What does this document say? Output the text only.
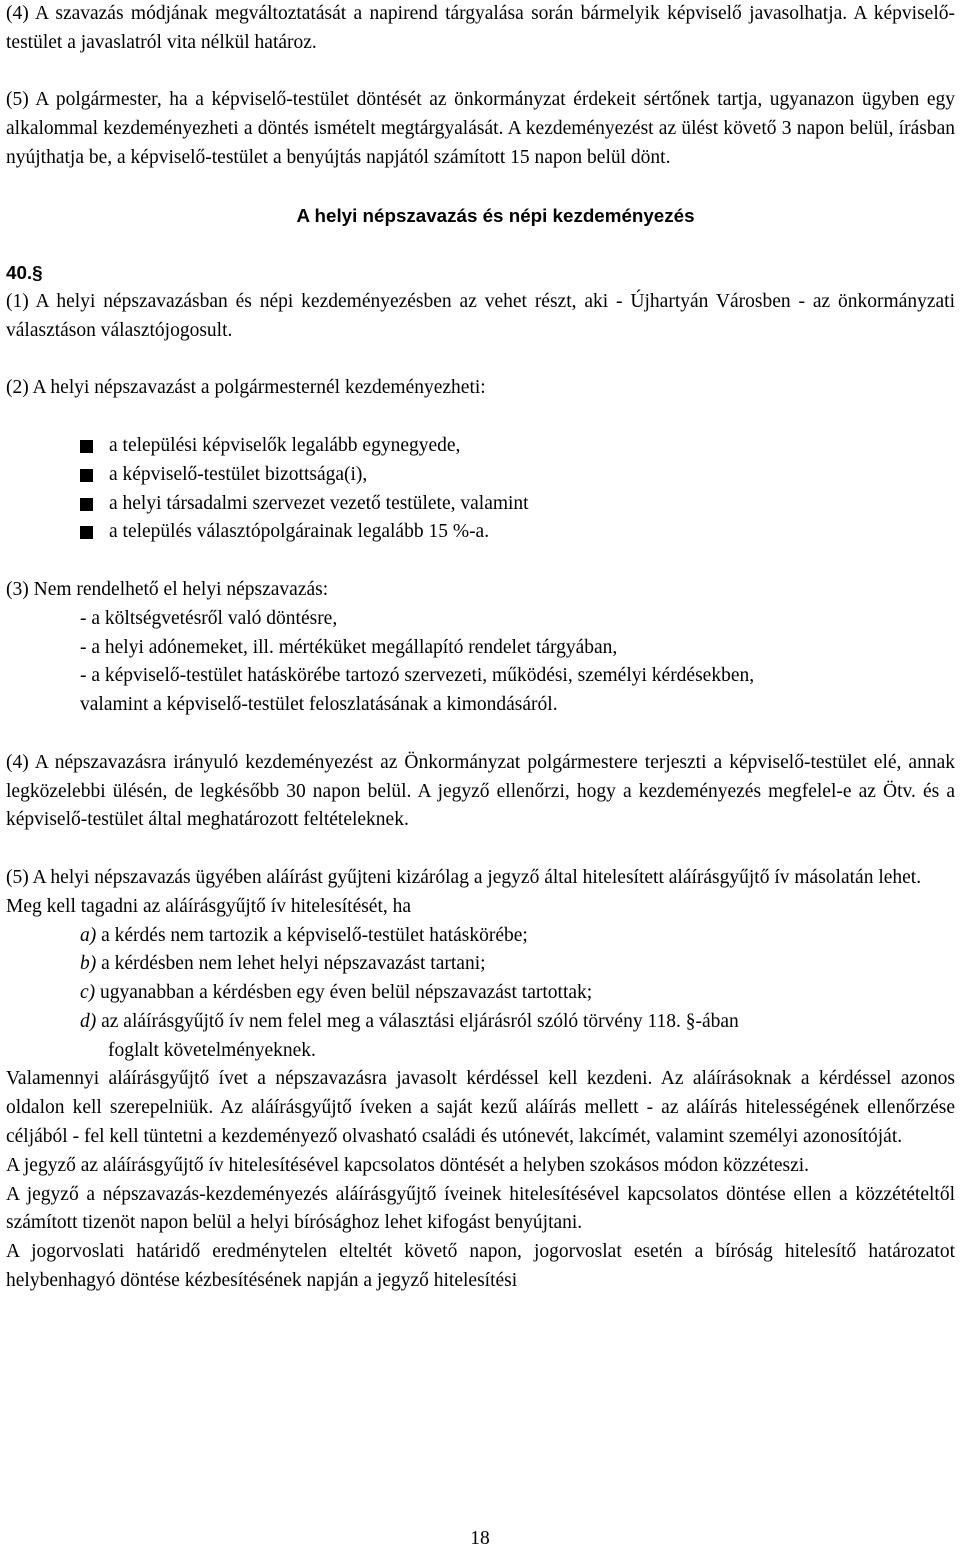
(4) A szavazás módjának megváltoztatását a napirend tárgyalása során bármelyik képviselő javasolhatja. A képviselő-testület a javaslatról vita nélkül határoz.

(5) A polgármester, ha a képviselő-testület döntését az önkormányzat érdekeit sértőnek tartja, ugyanazon ügyben egy alkalommal kezdeményezheti a döntés ismételt megtárgyalását. A kezdeményezést az ülést követő 3 napon belül, írásban nyújthatja be, a képviselő-testület a benyújtás napjától számított 15 napon belül dönt.

A helyi népszavazás és népi kezdeményezés

40.§

(1) A helyi népszavazásban és népi kezdeményezésben az vehet részt, aki - Újhartyán Városben - az önkormányzati választáson választójogosult.

(2) A helyi népszavazást a polgármesternél kezdeményezheti:

a települési képviselők legalább egynegyede,
a képviselő-testület bizottsága(i),
a helyi társadalmi szervezet vezető testülete, valamint
a település választópolgárainak legalább 15 %-a.

(3) Nem rendelhető el helyi népszavazás:

- a költségvetésről való döntésre,
- a helyi adónemeket, ill. mértéküket megállapító rendelet tárgyában,
- a képviselő-testület hatáskörébe tartozó szervezeti, működési, személyi kérdésekben,

valamint a képviselő-testület feloszlatásának a kimondásáról.

(4) A népszavazásra irányuló kezdeményezést az Önkormányzat polgármestere terjeszti a képviselő-testület elé, annak legközelebbi ülésén, de legkésőbb 30 napon belül. A jegyző ellenőrzi, hogy a kezdeményezés megfelel-e az Ötv. és a képviselő-testület által meghatározott feltételeknek.

(5) A helyi népszavazás ügyében aláírást gyűjteni kizárólag a jegyző által hitelesített aláírásgyűjtő ív másolatán lehet.

Meg kell tagadni az aláírásgyűjtő ív hitelesítését, ha

a) a kérdés nem tartozik a képviselő-testület hatáskörébe;
b) a kérdésben nem lehet helyi népszavazást tartani;
c) ugyanabban a kérdésben egy éven belül népszavazást tartottak;
d) az aláírásgyűjtő ív nem felel meg a választási eljárásról szóló törvény 118. §-ában
foglalt követelményeknek.

Valamennyi aláírásgyűjtő ívet a népszavazásra javasolt kérdéssel kell kezdeni. Az aláírásoknak a kérdéssel azonos oldalon kell szerepelniük. Az aláírásgyűjtő íveken a saját kezű aláírás mellett - az aláírás hitelességének ellenőrzése céljából - fel kell tüntetni a kezdeményező olvasható családi és utónevét, lakcímét, valamint személyi azonosítóját.

A jegyző az aláírásgyűjtő ív hitelesítésével kapcsolatos döntését a helyben szokásos módon közzéteszi.

A jegyző a népszavazás-kezdeményezés aláírásgyűjtő íveinek hitelesítésével kapcsolatos döntése ellen a közzétételtől számított tizenöt napon belül a helyi bírósághoz lehet kifogást benyújtani.

A jogorvoslati határidő eredménytelen elteltét követő napon, jogorvoslat esetén a bíróság hitelesítő határozatot helybenhagyó döntése kézbesítésének napján a jegyző hitelesítési

18
